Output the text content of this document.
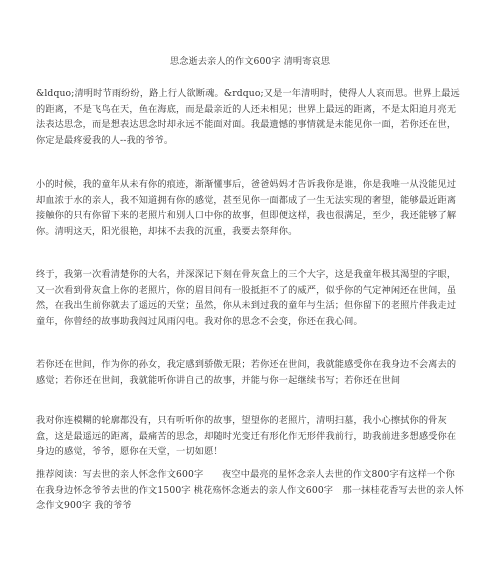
思念逝去亲人的作文600字 清明寄哀思
&ldquo;清明时节雨纷纷，路上行人欲断魂。&rdquo;又是一年清明时，使得人人哀而思。世界上最远的距离，不是飞鸟在天，鱼在海底，而是最亲近的人还未相见；世界上最远的距离，不是太阳追月亮无法表达思念，而是想表达思念时却永远不能面对面。我最遗憾的事情就是未能见你一面，若你还在世，你定是最疼爱我的人--我的爷爷。
小的时候，我的童年从未有你的痕迹，渐渐懂事后，爸爸妈妈才告诉我你是谁，你是我唯一从没能见过却血浓于水的亲人，我不知道拥有你的感觉，甚至见你一面都成了一生无法实现的奢望，能够最近距离接触你的只有你留下来的老照片和别人口中你的故事，但即便这样，我也很满足，至少，我还能够了解你。清明这天，阳光很艳，却抹不去我的沉重，我要去祭拜你。
终于，我第一次看清楚你的大名，并深深记下刻在骨灰盒上的三个大字，这是我童年极其渴望的字眼，又一次看到骨灰盒上你的老照片，你的眉目间有一股抵拒不了的威严，似乎你的气定神闲还在世间，虽然，在我出生前你就去了遥远的天堂；虽然，你从未到过我的童年与生活；但你留下的老照片伴我走过童年，你曾经的故事助我闯过风雨闪电。我对你的思念不会变，你还在我心间。
若你还在世间，作为你的孙女，我定感到骄傲无限；若你还在世间，我就能感受你在我身边不会离去的感觉；若你还在世间，我就能听你讲自己的故事，并能与你一起继续书写；若你还在世间
我对你连模糊的轮廓都没有，只有听听你的故事，望望你的老照片，清明扫墓，我小心擦拭你的骨灰盒，这是最遥远的距离，最痛苦的思念，却随时光变迁有形化作无形伴我前行，助我前进多想感受你在身边的感觉，爷爷，愿你在天堂，一切如愿！
推荐阅读：写去世的亲人怀念作文600字　　夜空中最亮的星怀念亲人去世的作文800字有这样一个你在我身边怀念爷爷去世的作文1500字 桃花殇怀念逝去的亲人作文600字　那一抹桂花香写去世的亲人怀念作文900字 我的爷爷
